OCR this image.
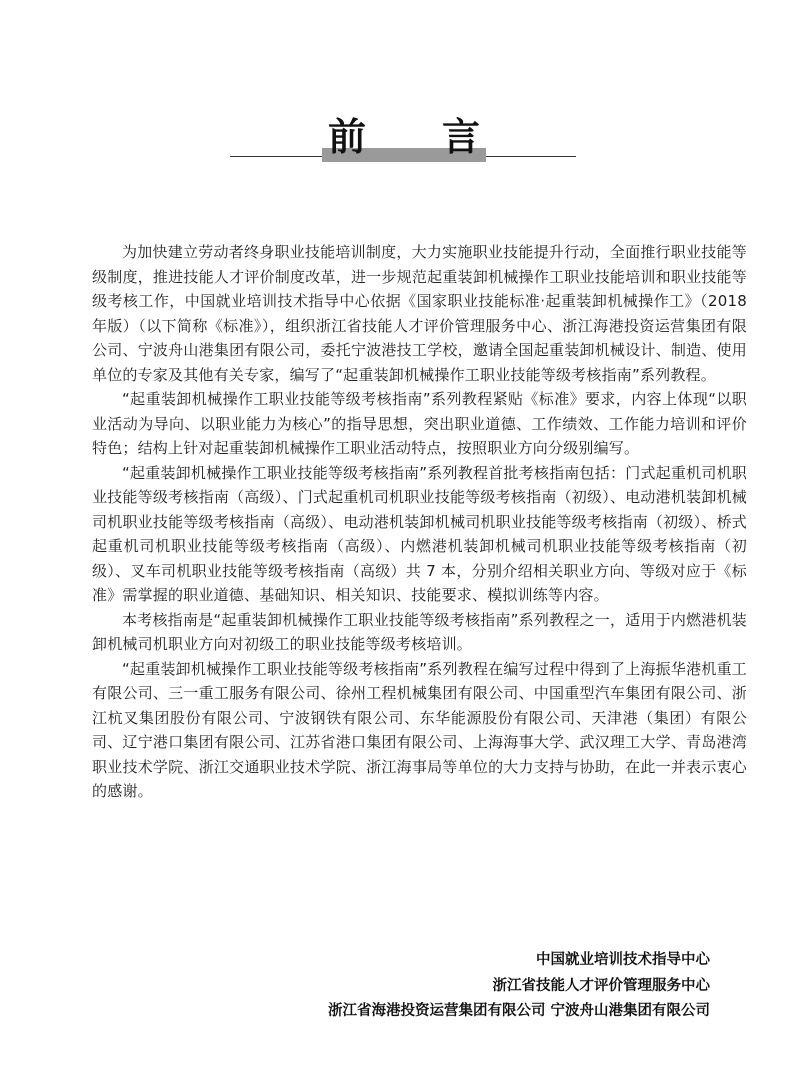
前 言

为加快建立劳动者终身职业技能培训制度，大力实施职业技能提升行动，全面推行职业技能等级制度，推进技能人才评价制度改革，进一步规范起重装卸机械操作工职业技能培训和职业技能等级考核工作，中国就业培训技术指导中心依据《国家职业技能标准·起重装卸机械操作工》（2018 年版）（以下简称《标准》），组织浙江省技能人才评价管理服务中心、浙江海港投资运营集团有限公司、宁波舟山港集团有限公司，委托宁波港技工学校，邀请全国起重装卸机械设计、制造、使用单位的专家及其他有关专家，编写了“起重装卸机械操作工职业技能等级考核指南”系列教程。

“起重装卸机械操作工职业技能等级考核指南”系列教程紧贴《标准》要求，内容上体现“以职业活动为导向、以职业能力为核心”的指导思想，突出职业道德、工作绩效、工作能力培训和评价特色；结构上针对起重装卸机械操作工职业活动特点，按照职业方向分级别编写。

“起重装卸机械操作工职业技能等级考核指南”系列教程首批考核指南包括：门式起重机司机职业技能等级考核指南（高级）、门式起重机司机职业技能等级考核指南（初级）、电动港机装卸机械司机职业技能等级考核指南（高级）、电动港机装卸机械司机职业技能等级考核指南（初级）、桥式起重机司机职业技能等级考核指南（高级）、内燃港机装卸机械司机职业技能等级考核指南（初级）、叉车司机职业技能等级考核指南（高级）共 7 本，分别介绍相关职业方向、等级对应于《标准》需掌握的职业道德、基础知识、相关知识、技能要求、模拟训练等内容。

本考核指南是“起重装卸机械操作工职业技能等级考核指南”系列教程之一，适用于内燃港机装卸机械司机职业方向对初级工的职业技能等级考核培训。

“起重装卸机械操作工职业技能等级考核指南”系列教程在编写过程中得到了上海振华港机重工有限公司、三一重工服务有限公司、徐州工程机械集团有限公司、中国重型汽车集团有限公司、浙江杭叉集团股份有限公司、宁波钢铁有限公司、东华能源股份有限公司、天津港（集团）有限公司、辽宁港口集团有限公司、江苏省港口集团有限公司、上海海事大学、武汉理工大学、青岛港湾职业技术学院、浙江交通职业技术学院、浙江海事局等单位的大力支持与协助，在此一并表示衷心的感谢。

中国就业培训技术指导中心
浙江省技能人才评价管理服务中心
浙江省海港投资运营集团有限公司 宁波舟山港集团有限公司
